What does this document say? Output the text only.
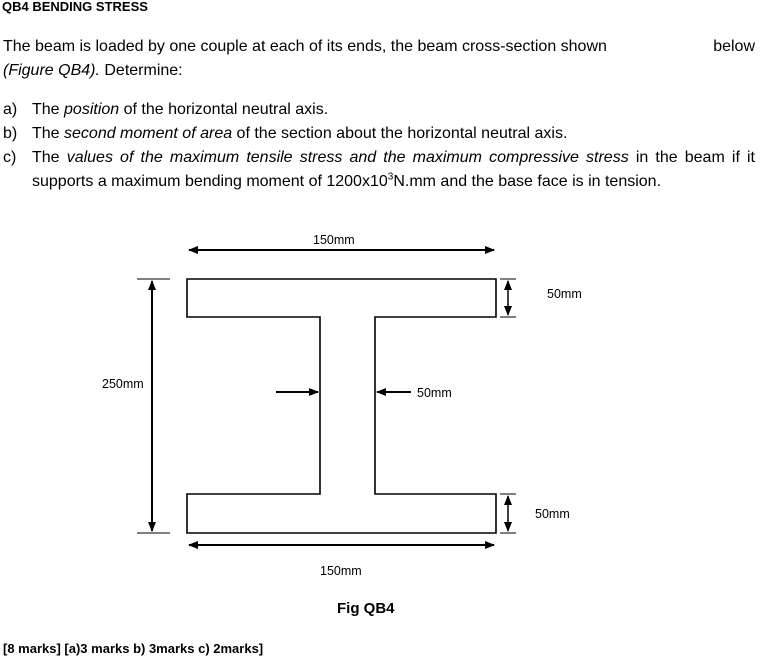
QB4 BENDING STRESS
The beam is loaded by one couple at each of its ends, the beam cross-section shown	below
(Figure QB4). Determine:
a) The position of the horizontal neutral axis.
b) The second moment of area of the section about the horizontal neutral axis.
c) The values of the maximum tensile stress and the maximum compressive stress in the beam if it supports a maximum bending moment of $1200x10^3N.mm$ and the base face is in tension.
150mm
150mm
250mm
50mm
50mm
50mm
Fig QB4
[8 marks] [a)3 marks b) 3marks c) 2marks]
